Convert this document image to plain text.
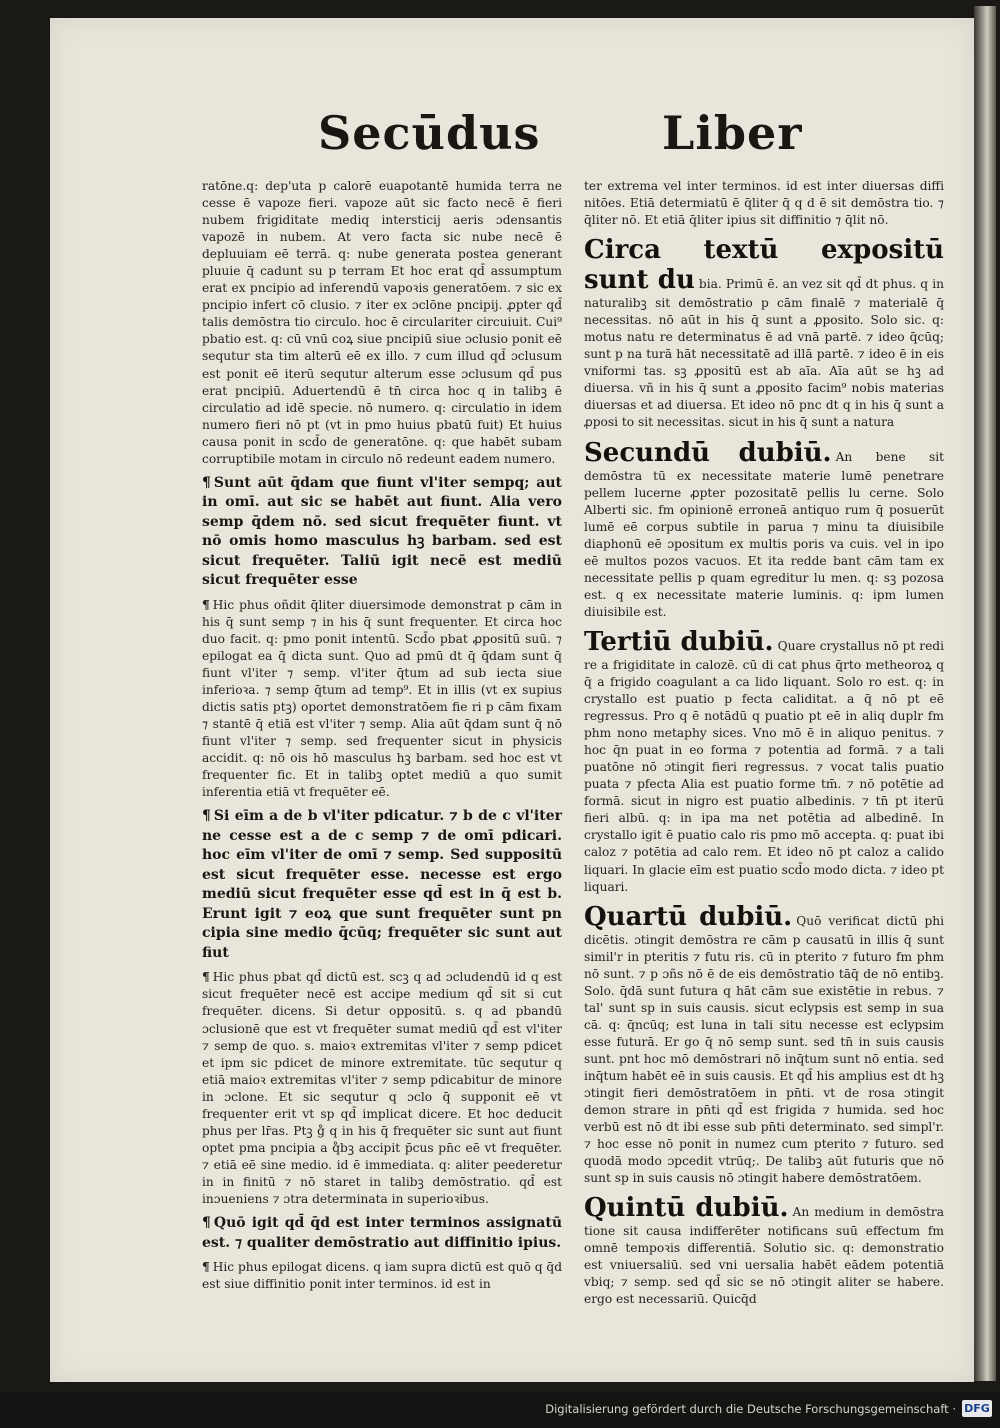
Secūdus	Liber

ratōne.q: dep'uta p calorē euapotantē humida terra ne cesse ē vapoze fieri. vapoze aūt sic facto necē ē fieri nubem frigiditate mediq intersticij aeris ɔdensantis vapozē in nubem. At vero facta sic nube necē ē depluuiam eē terrā. q: nube generata postea generant pluuie q̄ cadunt su p terram Et hoc erat qd̄ assumptum erat ex pncipio ad inferendū vapoꝛis generatōem. ⁊ sic ex pncipio infert cō clusio. ⁊ iter ex ɔclōne pncipij. ꝓpter qd̄ talis demōstra tio circulo. hoc ē circulariter circuiuit. Cui⁹ pbatio est. q: cū vnū coꝝ siue pncipiū siue ɔclusio ponit eē sequtur sta tim alterū eē ex illo. ⁊ cum illud qd̄ ɔclusum est ponit eē iterū sequtur alterum esse ɔclusum qd̄ pus erat pncipiū. Aduertendū ē tn̄ circa hoc q in talibꝫ ē circulatio ad idē specie. nō numero. q: circulatio in idem numero fieri nō pt (vt in pmo huius pbatū fuit) Et huius causa ponit in scd̄o de generatōne. q: que habēt subam corruptibile motam in circulo nō redeunt eadem numero.

¶ Sunt aūt q̄dam que fiunt vl'iter sempq; aut in omī. aut sic se habēt aut fiunt. Alia vero semp q̄dem nō. sed sicut frequēter fiunt. vt nō omis homo masculus hꝫ barbam. sed est sicut frequēter. Taliū igit necē est mediū sicut frequēter esse

¶ Hic phus oñdit q̄liter diuersimode demonstrat p cām in his q̄ sunt semp ⁊ in his q̄ sunt frequenter. Et circa hoc duo facit. q: pmo ponit intentū. Scd̄o pbat ꝓpositū suū. ⁊ epilogat ea q̄ dicta sunt. Quo ad pmū dt q̄ q̄dam sunt q̄ fiunt vl'iter ⁊ semp. vl'iter q̄tum ad sub iecta siue inferioꝛa. ⁊ semp q̄tum ad temp⁹. Et in illis (vt ex supius dictis satis ptꝫ) oportet demonstratōem fie ri p cām fixam ⁊ stantē q̄ etiā est vl'iter ⁊ semp. Alia aūt q̄dam sunt q̄ nō fiunt vl'iter ⁊ semp. sed frequenter sicut in physicis accidit. q: nō ois hō masculus hꝫ barbam. sed hoc est vt frequenter fic. Et in talibꝫ optet mediū a quo sumit inferentia etiā vt frequēter eē.

¶ Si eīm a de b vl'iter pdicatur. ⁊ b de c vl'iter ne cesse est a de c semp ⁊ de omī pdicari. hoc eīm vl'iter de omī ⁊ semp. Sed suppositū est sicut frequēter esse. necesse est ergo mediū sicut frequēter esse qd̄ est in q̄ est b. Erunt igit ⁊ eoꝝ que sunt frequēter sunt pn cipia sine medio q̄cūq; frequēter sic sunt aut fiut

¶ Hic phus pbat qd̄ dictū est. scꝫ q ad ɔcludendū id q est sicut frequēter necē est accipe medium qd̄ sit si cut frequēter. dicens. Si detur oppositū. s. q ad pbandū ɔclusionē que est vt frequēter sumat mediū qd̄ est vl'iter ⁊ semp de quo. s. maioꝛ extremitas vl'iter ⁊ semp pdicet et ipm sic pdicet de minore extremitate. tūc sequtur q etiā maioꝛ extremitas vl'iter ⁊ semp pdicabitur de minore in ɔclone. Et sic sequtur q ɔclo q̄ supponit eē vt frequenter erit vt sp qd̄ implicat dicere. Et hoc deducit phus per lr̄as. Ptꝫ g̊ q in his q̄ frequēter sic sunt aut fiunt optet pma pncipia a q̊bꝫ accipit p̄cus pn̄c eē vt frequēter. ⁊ etiā eē sine medio. id ē immediata. q: aliter peederetur in in finitū ⁊ nō staret in talibꝫ demōstratio. qd̄ est inɔueniens ⁊ ɔtra determinata in superioꝛibus.

¶ Quō igit qd̄ q̄d est inter terminos assignatū est. ⁊ qualiter demōstratio aut diffinitio ipius.

¶ Hic phus epilogat dicens. q iam supra dictū est quō q q̄d est siue diffinitio ponit inter terminos. id est in

ter extrema vel inter terminos. id est inter diuersas diffi nitōes. Etiā determiatū ē q̄liter q̄ q d ē sit demōstra tio. ⁊ q̄liter nō. Et etiā q̄liter ipius sit diffinitio ⁊ q̄lit nō.

Circa textū expositū sunt du bia. Primū ē. an vez sit qd̄ dt phus. q in naturalibꝫ sit demōstratio p cām finalē ⁊ materialē q̄ necessitas. nō aūt in his q̄ sunt a ꝓposito. Solo sic. q: motus natu re determinatus ē ad vnā partē. ⁊ ideo q̄cūq; sunt p na turā hāt necessitatē ad illā partē. ⁊ ideo ē in eis vniformi tas. sꝫ ꝓpositū est ab aīa. Aīa aūt se hꝫ ad diuersa. vñ in his q̄ sunt a ꝓposito facim⁹ nobis materias diuersas et ad diuersa. Et ideo nō pnc dt q in his q̄ sunt a ꝓposi to sit necessitas. sicut in his q̄ sunt a natura

Secundū dubiū. An bene sit demōstra tū ex necessitate materie lumē penetrare pellem lucerne ꝓpter pozositatē pellis lu cerne. Solo Alberti sic. fm opinionē erroneā antiquo rum q̄ posuerūt lumē eē corpus subtile in parua ⁊ minu ta diuisibile diaphonū eē ɔpositum ex multis poris va cuis. vel in ipo eē multos pozos vacuos. Et ita redde bant cām tam ex necessitate pellis p quam egreditur lu men. q: sꝫ pozosa est. q ex necessitate materie luminis. q: ipm lumen diuisibile est.

Tertiū dubiū. Quare crystallus nō pt redi re a frigiditate in calozē. cū di cat phus q̄rto metheoroꝝ q q̄ a frigido coagulant a ca lido liquant. Solo ro est. q: in crystallo est puatio p fecta caliditat. a q̄ nō pt eē regressus. Pro q ē notādū q puatio pt eē in aliq duplr fm phm nono metaphy sices. Vno mō ē in aliquo penitus. ⁊ hoc q̄n puat in eo forma ⁊ potentia ad formā. ⁊ a tali puatōne nō ɔtingit fieri regressus. ⁊ vocat talis puatio puata ⁊ pfecta Alia est puatio forme tm̄. ⁊ nō potētie ad formā. sicut in nigro est puatio albedinis. ⁊ tn̄ pt iterū fieri albū. q: in ipa ma net potētia ad albedinē. In crystallo igit ē puatio calo ris pmo mō accepta. q: puat ibi caloz ⁊ potētia ad calo rem. Et ideo nō pt caloz a calido liquari. In glacie eīm est puatio scd̄o modo dicta. ⁊ ideo pt liquari.

Quartū dubiū. Quō verificat dictū phi dicētis. ɔtingit demōstra re cām p causatū in illis q̄ sunt simil'r in pteritis ⁊ futu ris. cū in pterito ⁊ futuro fm phm nō sunt. ⁊ p ɔñs nō ē de eis demōstratio tāq̄ de nō entibꝫ. Solo. q̄dā sunt futura q hāt cām sue existētie in rebus. ⁊ tal' sunt sp in suis causis. sicut eclypsis est semp in sua cā. q: q̄ncūq; est luna in tali situ necesse est eclypsim esse futurā. Er go q̄ nō semp sunt. sed tn̄ in suis causis sunt. pnt hoc mō demōstrari nō inq̄tum sunt nō entia. sed inq̄tum habēt eē in suis causis. Et qd̄ his amplius est dt hꝫ ɔtingit fieri demōstratōem in pn̄ti. vt de rosa ɔtingit demon strare in pn̄ti qd̄ est frigida ⁊ humida. sed hoc verbū est nō dt ibi esse sub pn̄ti determinato. sed simpl'r. ⁊ hoc esse nō ponit in numez cum pterito ⁊ futuro. sed quodā modo ɔpcedit vtrūq;. De talibꝫ aūt futuris que nō sunt sp in suis causis nō ɔtingit habere demōstratōem.

Quintū dubiū. An medium in demōstra tione sit causa indifferēter notificans suū effectum fm omnē tempoꝛis differentiā. Solutio sic. q: demonstratio est vniuersaliū. sed vni uersalia habēt eādem potentiā vbiq; ⁊ semp. sed qd̄ sic se nō ɔtingit aliter se habere. ergo est necessariū. Quicq̄d

Digitalisierung gefördert durch die Deutsche Forschungsgemeinschaft · DFG
